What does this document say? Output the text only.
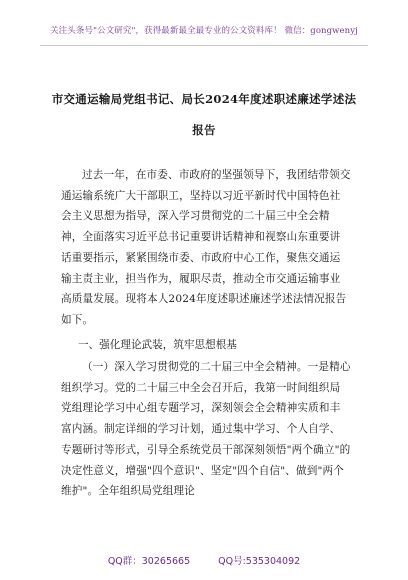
关注头条号"公文研究"，获得最新最全最专业的公文资料库！ 微信：gongwenyj
市交通运输局党组书记、局长2024年度述职述廉述学述法
报告
过去一年，在市委、市政府的坚强领导下，我团结带领交通运输系统广大干部职工，坚持以习近平新时代中国特色社会主义思想为指导，深入学习贯彻党的二十届三中全会精神，全面落实习近平总书记重要讲话精神和视察山东重要讲话重要指示，紧紧围绕市委、市政府中心工作，聚焦交通运输主责主业，担当作为，履职尽责，推动全市交通运输事业高质量发展。现将本人2024年度述职述廉述学述法情况报告如下。
一、强化理论武装，筑牢思想根基
（一）深入学习贯彻党的二十届三中全会精神。一是精心组织学习。党的二十届三中全会召开后，我第一时间组织局党组理论学习中心组专题学习，深刻领会全会精神实质和丰富内涵。制定详细的学习计划，通过集中学习、个人自学、专题研讨等形式，引导全系统党员干部深刻领悟"两个确立"的决定性意义，增强"四个意识"、坚定"四个自信"、做到"两个维护"。全年组织局党组理论
QQ群：30265665	QQ号:535304092
